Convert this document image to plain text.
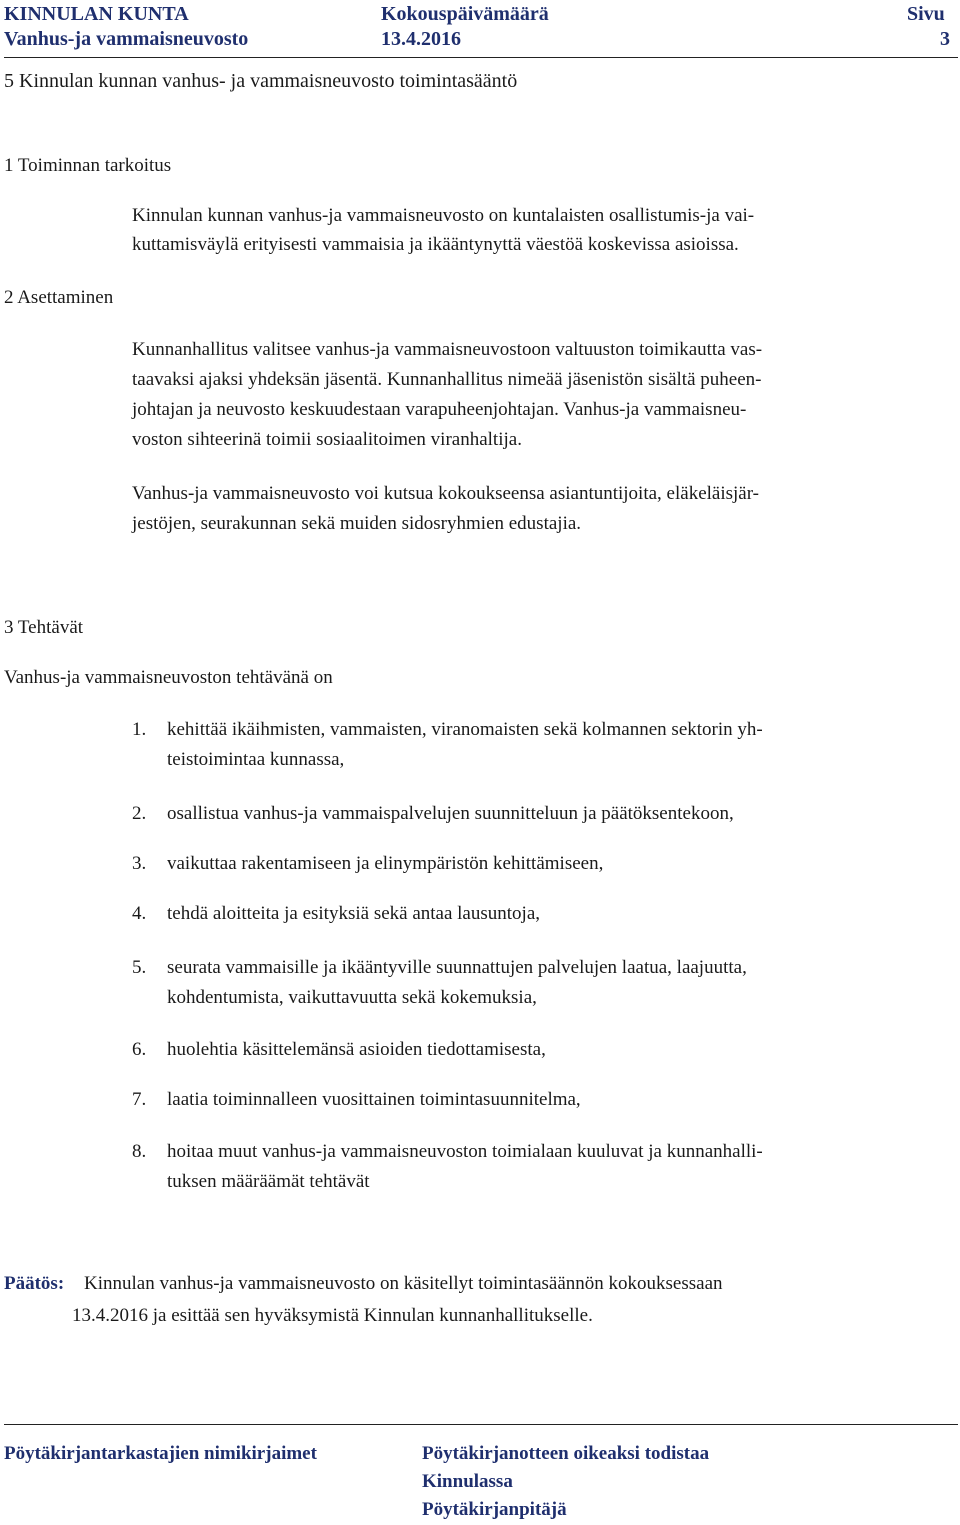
KINNULAN KUNTA	Kokouspäivämäärä	Sivu
Vanhus-ja vammaisneuvosto	13.4.2016	3
5 Kinnulan kunnan vanhus- ja vammaisneuvosto toimintasääntö
1 Toiminnan tarkoitus
Kinnulan kunnan vanhus-ja vammaisneuvosto on kuntalaisten osallistumis-ja vai-
kuttamisväylä erityisesti vammaisia ja ikääntynyttä väestöä koskevissa asioissa.
2 Asettaminen
Kunnanhallitus valitsee vanhus-ja vammaisneuvostoon valtuuston toimikautta vas-
taavaksi ajaksi yhdeksän jäsentä. Kunnanhallitus nimeää jäsenistön sisältä puheen-
johtajan ja neuvosto keskuudestaan varapuheenjohtajan. Vanhus-ja vammaisneu-
voston sihteerinä toimii sosiaalitoimen viranhaltija.
Vanhus-ja vammaisneuvosto voi kutsua kokoukseensa asiantuntijoita, eläkeläisjär-
jestöjen, seurakunnan sekä muiden sidosryhmien edustajia.
3 Tehtävät
Vanhus-ja vammaisneuvoston tehtävänä on
1. kehittää ikäihmisten, vammaisten, viranomaisten sekä kolmannen sektorin yh-
teistoimintaa kunnassa,
2. osallistua vanhus-ja vammaispalvelujen suunnitteluun ja päätöksentekoon,
3. vaikuttaa rakentamiseen ja elinympäristön kehittämiseen,
4. tehdä aloitteita ja esityksiä sekä antaa lausuntoja,
5. seurata vammaisille ja ikääntyville suunnattujen palvelujen laatua, laajuutta,
kohdentumista, vaikuttavuutta sekä kokemuksia,
6. huolehtia käsittelemänsä asioiden tiedottamisesta,
7. laatia toiminnalleen vuosittainen toimintasuunnitelma,
8. hoitaa muut vanhus-ja vammaisneuvoston toimialaan kuuluvat ja kunnanhalli-
tuksen määräämät tehtävät
Päätös: Kinnulan vanhus-ja vammaisneuvosto on käsitellyt toimintasäännön kokouksessaan
13.4.2016 ja esittää sen hyväksymistä Kinnulan kunnanhallitukselle.
Pöytäkirjantarkastajien nimikirjaimet	Pöytäkirjanotteen oikeaksi todistaa
Kinnulassa
Pöytäkirjanpitäjä
